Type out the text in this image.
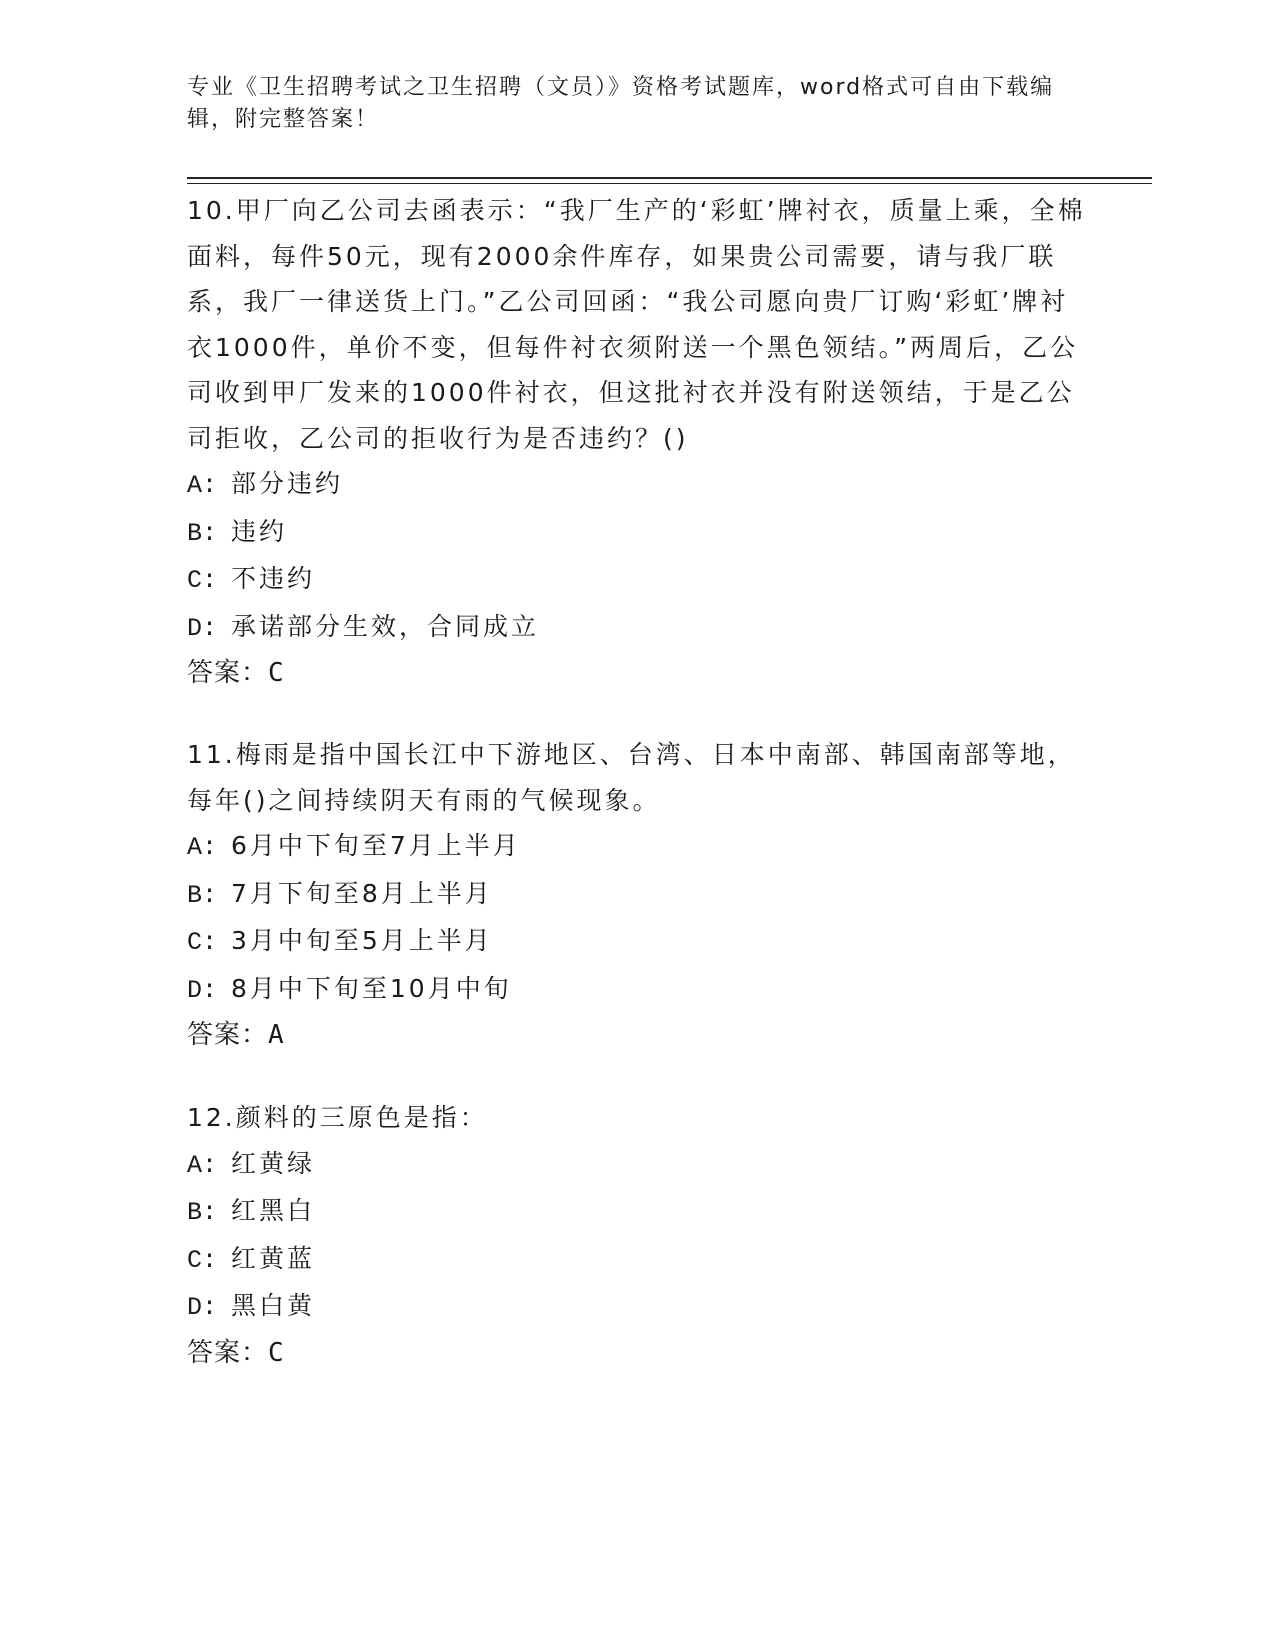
专业《卫生招聘考试之卫生招聘（文员）》资格考试题库，word格式可自由下载编辑，附完整答案！

10.甲厂向乙公司去函表示：“我厂生产的‘彩虹’牌衬衣，质量上乘，全棉面料，每件50元，现有2000余件库存，如果贵公司需要，请与我厂联系，我厂一律送货上门。”乙公司回函：“我公司愿向贵厂订购‘彩虹’牌衬衣1000件，单价不变，但每件衬衣须附送一个黑色领结。”两周后，乙公司收到甲厂发来的1000件衬衣，但这批衬衣并没有附送领结，于是乙公司拒收，乙公司的拒收行为是否违约？()

A: 部分违约

B: 违约

C: 不违约

D: 承诺部分生效，合同成立

答案：C

11.梅雨是指中国长江中下游地区、台湾、日本中南部、韩国南部等地，每年()之间持续阴天有雨的气候现象。

A: 6月中下旬至7月上半月

B: 7月下旬至8月上半月

C: 3月中旬至5月上半月

D: 8月中下旬至10月中旬

答案：A

12.颜料的三原色是指：

A: 红黄绿

B: 红黑白

C: 红黄蓝

D: 黑白黄

答案：C
